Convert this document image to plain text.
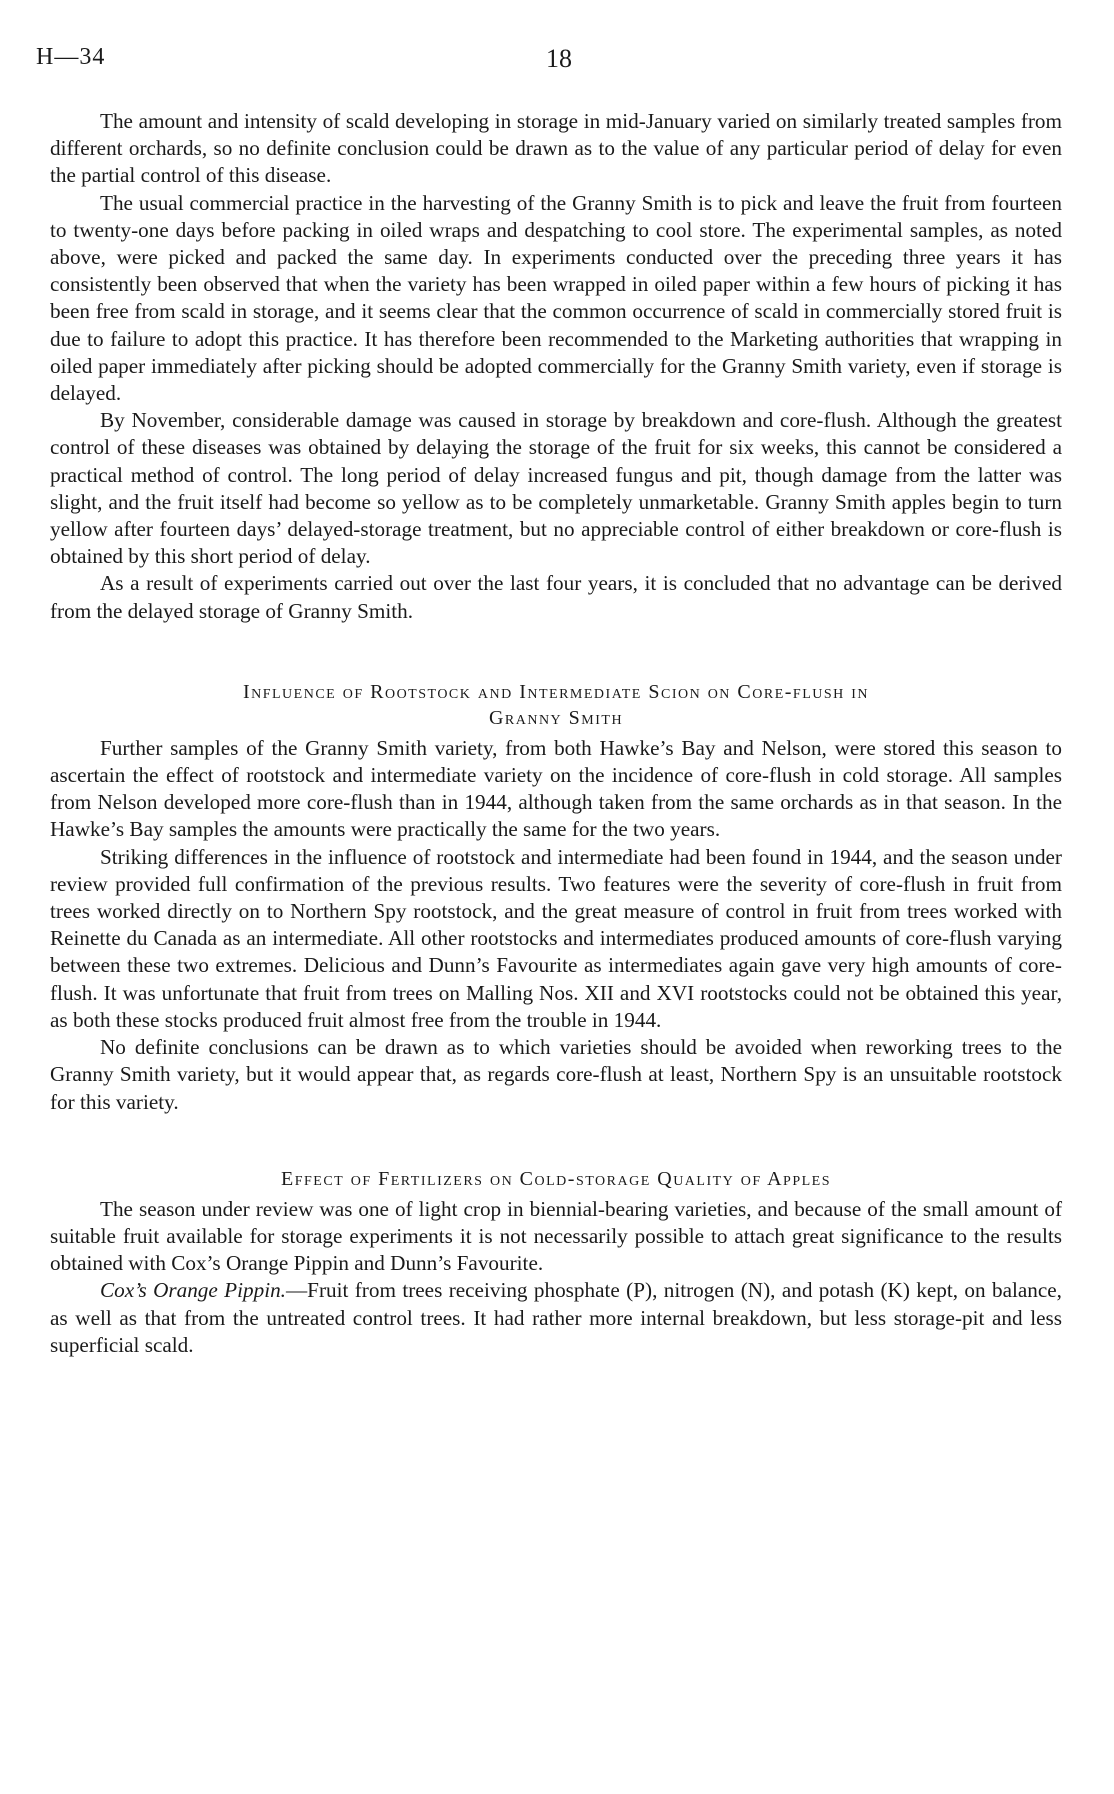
H—34	18

The amount and intensity of scald developing in storage in mid-January varied on similarly treated samples from different orchards, so no definite conclusion could be drawn as to the value of any particular period of delay for even the partial control of this disease.

The usual commercial practice in the harvesting of the Granny Smith is to pick and leave the fruit from fourteen to twenty-one days before packing in oiled wraps and despatching to cool store. The experimental samples, as noted above, were picked and packed the same day. In experiments conducted over the preceding three years it has consistently been observed that when the variety has been wrapped in oiled paper within a few hours of picking it has been free from scald in storage, and it seems clear that the common occurrence of scald in commercially stored fruit is due to failure to adopt this practice. It has therefore been recommended to the Marketing authorities that wrapping in oiled paper immediately after picking should be adopted commercially for the Granny Smith variety, even if storage is delayed.

By November, considerable damage was caused in storage by breakdown and core-flush. Although the greatest control of these diseases was obtained by delaying the storage of the fruit for six weeks, this cannot be considered a practical method of control. The long period of delay increased fungus and pit, though damage from the latter was slight, and the fruit itself had become so yellow as to be completely unmarketable. Granny Smith apples begin to turn yellow after fourteen days’ delayed-storage treatment, but no appreciable control of either breakdown or core-flush is obtained by this short period of delay.

As a result of experiments carried out over the last four years, it is concluded that no advantage can be derived from the delayed storage of Granny Smith.

Influence of Rootstock and Intermediate Scion on Core-flush in
Granny Smith

Further samples of the Granny Smith variety, from both Hawke’s Bay and Nelson, were stored this season to ascertain the effect of rootstock and intermediate variety on the incidence of core-flush in cold storage. All samples from Nelson developed more core-flush than in 1944, although taken from the same orchards as in that season. In the Hawke’s Bay samples the amounts were practically the same for the two years.

Striking differences in the influence of rootstock and intermediate had been found in 1944, and the season under review provided full confirmation of the previous results. Two features were the severity of core-flush in fruit from trees worked directly on to Northern Spy rootstock, and the great measure of control in fruit from trees worked with Reinette du Canada as an intermediate. All other rootstocks and intermediates produced amounts of core-flush varying between these two extremes. Delicious and Dunn’s Favourite as intermediates again gave very high amounts of core-flush. It was unfortunate that fruit from trees on Malling Nos. XII and XVI rootstocks could not be obtained this year, as both these stocks produced fruit almost free from the trouble in 1944.

No definite conclusions can be drawn as to which varieties should be avoided when reworking trees to the Granny Smith variety, but it would appear that, as regards core-flush at least, Northern Spy is an unsuitable rootstock for this variety.

Effect of Fertilizers on Cold-storage Quality of Apples

The season under review was one of light crop in biennial-bearing varieties, and because of the small amount of suitable fruit available for storage experiments it is not necessarily possible to attach great significance to the results obtained with Cox’s Orange Pippin and Dunn’s Favourite.

Cox’s Orange Pippin.—Fruit from trees receiving phosphate (P), nitrogen (N), and potash (K) kept, on balance, as well as that from the untreated control trees. It had rather more internal breakdown, but less storage-pit and less superficial scald.
